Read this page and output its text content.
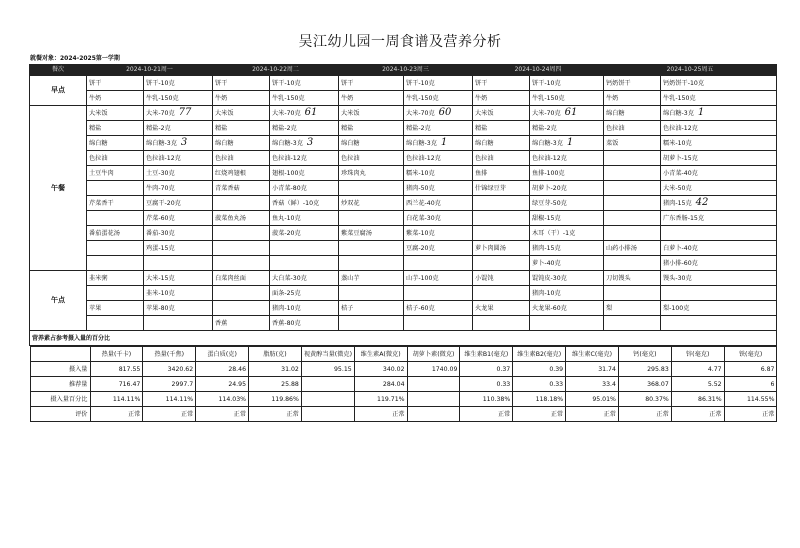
吴江幼儿园一周食谱及营养分析
就餐对象：2024-2025第一学期
餐次	2024-10-21周一	2024-10-22周二	2024-10-23周三	2024-10-24周四	2024-10-25周五
早点	饼干	饼干-10克	饼干	饼干-10克	饼干	饼干-10克	饼干	饼干-10克	钙奶饼干	钙奶饼干-10克
牛奶	牛乳-150克	牛奶	牛乳-150克	牛奶	牛乳-150克	牛奶	牛乳-150克	牛奶	牛乳-150克
午餐	大米饭	大米-70克 77	大米饭	大米-70克 61	大米饭	大米-70克 60	大米饭	大米-70克 61	绵白糖	绵白糖-3克 1
精盐	精盐-2克	精盐	精盐-2克	精盐	精盐-2克	精盐	精盐-2克	色拉油	色拉油-12克
绵白糖	绵白糖-3克 3	绵白糖	绵白糖-3克 3	绵白糖	绵白糖-3克 1	绵白糖	绵白糖-3克 1	菜饭	糯米-10克
色拉油	色拉油-12克	色拉油	色拉油-12克	色拉油	色拉油-12克	色拉油	色拉油-12克		胡萝卜-15克
土豆牛肉	土豆-30克	红烧鸡翅根	翅根-100克	珍珠肉丸	糯米-10克	鱼排	鱼排-100克		小青菜-40克
	牛肉-70克	青菜香菇	小青菜-80克		猪肉-50克	什锦绿豆芽	胡萝卜-20克		大米-50克
芹菜香干	豆腐干-20克		香菇（鲜）-10克	炒双花	西兰花-40克		绿豆芽-50克		猪肉-15克 42
	芹菜-60克	菠菜鱼丸汤	鱼丸-10克		白花菜-30克		甜椒-15克		广东香肠-15克
番茄蛋花汤	番茄-30克		菠菜-20克	紫菜豆腐汤	紫菜-10克		木耳（干）-1克		
	鸡蛋-15克				豆腐-20克	萝卜肉圆汤	猪肉-15克	山药小排汤	白萝卜-40克
							萝卜-40克		猪小排-60克
午点	韭米粥	大米-15克	白菜肉丝面	大白菜-30克	蒸山芋	山芋-100克	小馄饨	馄饨皮-30克	刀切馒头	馒头-30克
	韭米-10克		面条-25克				猪肉-10克		
苹果	苹果-80克		猪肉-10克	桔子	桔子-60克	火龙果	火龙果-60克	梨	梨-100克
		香蕉	香蕉-80克						
营养素占参考摄入量的百分比

	热量(千卡)	热量(千焦)	蛋白质(克)	脂肪(克)	视黄醇当量(微克)	维生素A(微克)	胡萝卜素(微克)	维生素B1(毫克)	维生素B2(毫克)	维生素C(毫克)	钙(毫克)	锌(毫克)	铁(毫克)
摄入量	817.55	3420.62	28.46	31.02	95.15	340.02	1740.09	0.37	0.39	31.74	295.83	4.77	6.87
推荐量	716.47	2997.7	24.95	25.88		284.04		0.33	0.33	33.4	368.07	5.52	6
摄入量百分比	114.11%	114.11%	114.03%	119.86%		119.71%		110.38%	118.18%	95.01%	80.37%	86.31%	114.55%
评价	正常	正常	正常	正常		正常		正常	正常	正常	正常	正常	正常
